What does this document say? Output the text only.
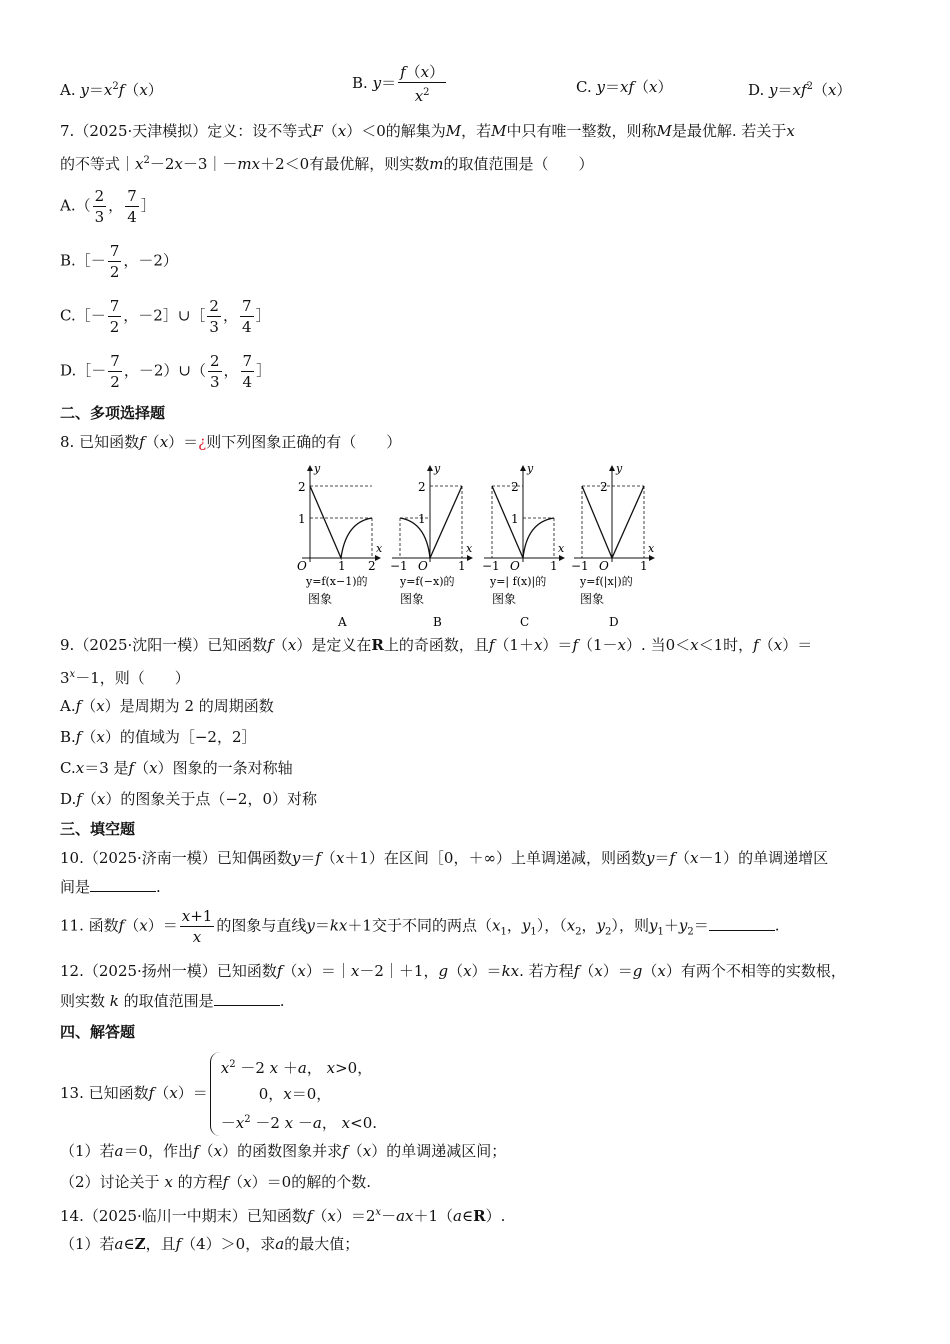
A. $y=x^2f(x)$	B. $y= \frac{f(x)}{x^2}$	C. y＝xf（x）	D. $y=xf^2(x)$
7.（2025·天津模拟）定义：设不等式F（x）＜0的解集为M，若M中只有唯一整数，则称M是最优解. 若关于x
的不等式$|x^2-2x-3|-mx+2<0$有最优解，则实数m的取值范围是（　　）
$A.( \frac{2}{3}$ ， $\frac{7}{4}$ ］
B.［－ $\frac{7}{2}$ ，－2）
C.［－ $\frac{7}{2}$ ，－2］∪［ $\frac{2}{3}$ ， $\frac{7}{4}$ ］
D.［－ $\frac{7}{2}$ ，－2）∪（ $\frac{2}{3}$ ， $\frac{7}{4}$ ］
二、多项选择题
8. 已知函数f（x）＝¿则下列图象正确的有（　　）
y
x
2
1
O	1 2
y
x
2
1
−1 O	1
y
x
2
1
−1 O	1
y
x
2
−1 O	1
y=f(x−1)的
图象
A
y=f(−x)的
图象
B
y=| f(x)|的
图象
C
y=f(|x|)的
图象
D
9.（2025·沈阳一模）已知函数f（x）是定义在R上的奇函数，且f（1＋x）＝f（1－x）. 当0＜x＜1时，f（x）＝
$3^x-1$，则（　　）
A.f（x）是周期为 2 的周期函数
B.f（x）的值域为［−2，2］
C.x＝3 是f（x）图象的一条对称轴
D.f（x）的图象关于点（−2，0）对称
三、填空题
10.（2025·济南一模）已知偶函数y＝f（x＋1）在区间［0，＋∞）上单调递减，则函数y＝f（x－1）的单调递增区
间是	.
11. 函数$f(x)= \frac{x+1}{x}$ 的图象与直线y＝kx＋1交于不同的两点（$x_1$，$y_1$），（$x_2$，$y_2$），则$y_1+y_2=$	.
12.（2025·扬州一模）已知函数f（x）＝｜x－2｜＋1，g（x）＝kx. 若方程f（x）＝g（x）有两个不相等的实数根，
则实数 k 的取值范围是	.
四、解答题
13. 已知函数f（x）＝
$x^2 -2$ x ＋a， x>0，
0，x＝0，
$-x^2 -2$ x －a， x<0.
（1）若a＝0，作出f（x）的函数图象并求f（x）的单调递减区间；
（2）讨论关于 x 的方程f（x）＝0的解的个数.
14.（2025·临川一中期末）已知函数$f(x)=2^x-ax+1(a\in R)$.
（1）若a∈Z，且f（4）＞0，求a的最大值；
